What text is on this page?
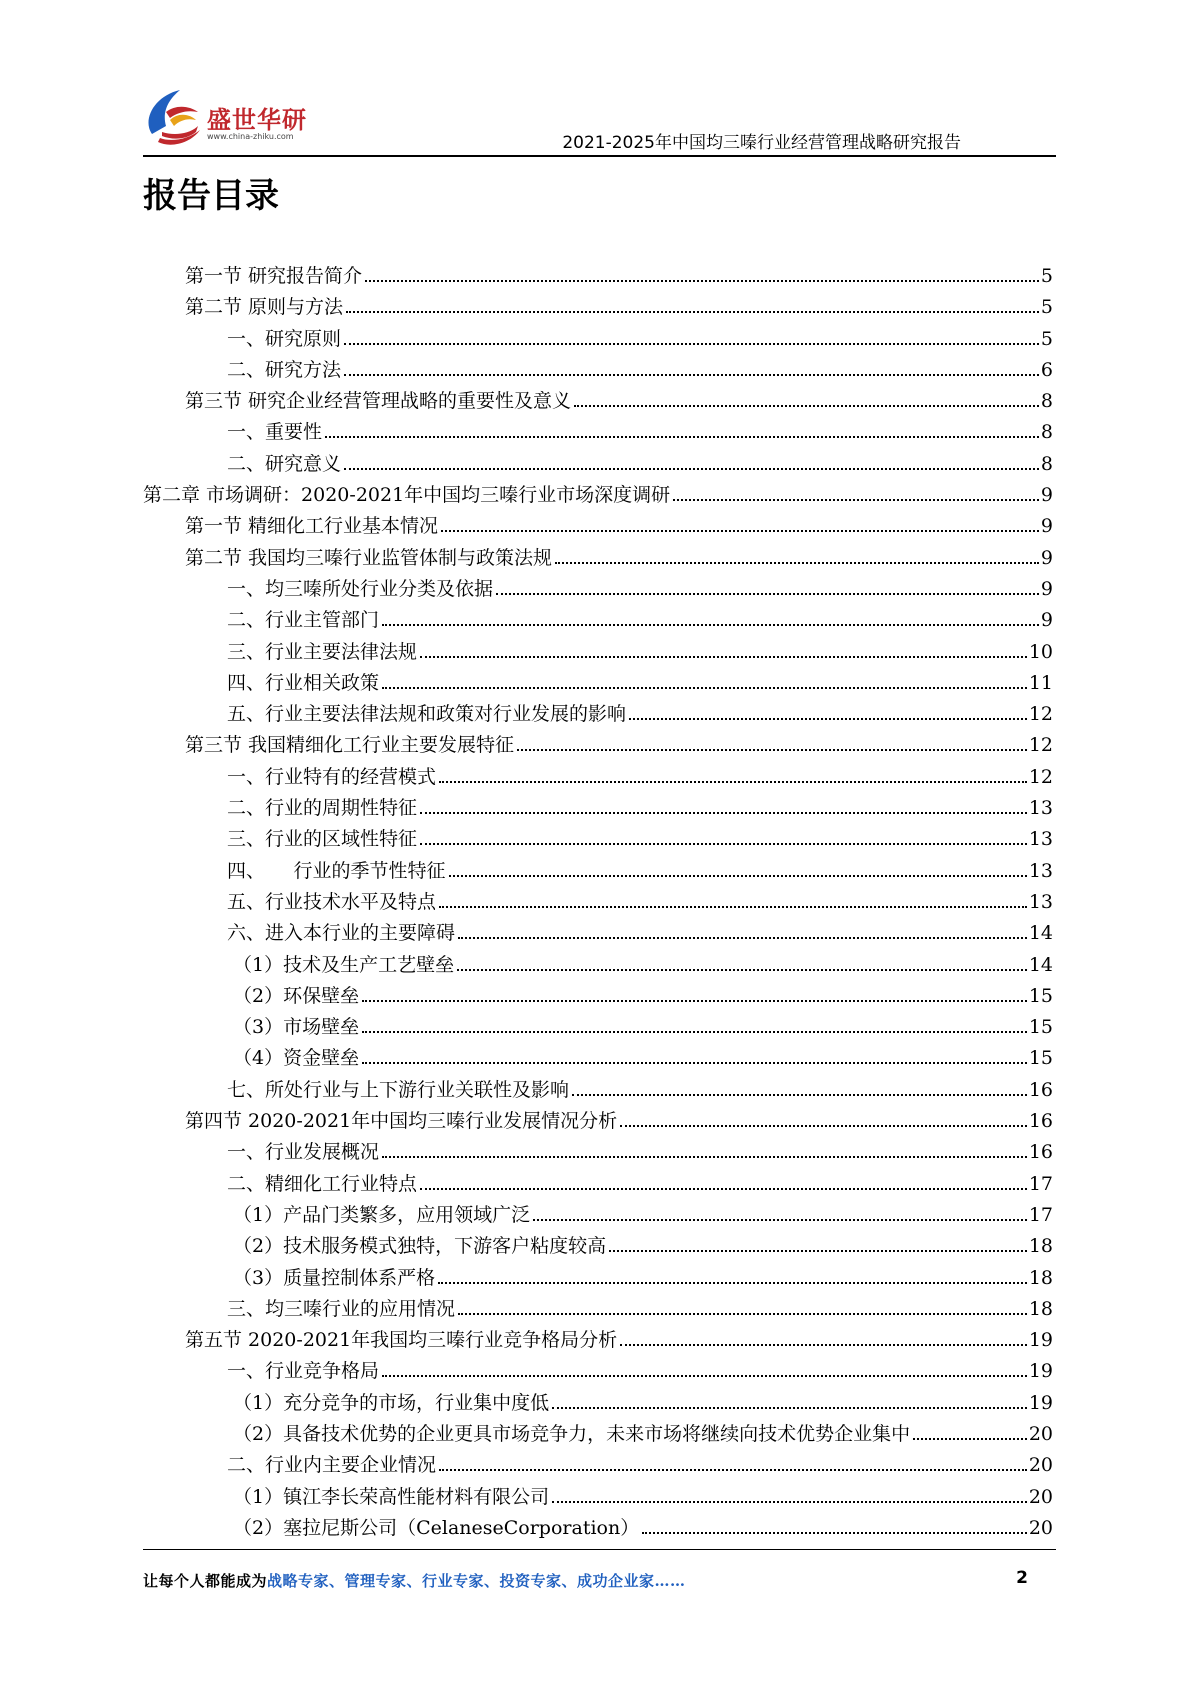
盛世华研
www.china-zhiku.com	2021-2025年中国均三嗪行业经营管理战略研究报告
报告目录
第一节 研究报告简介	5
第二节 原则与方法	5
一、研究原则	5
二、研究方法	6
第三节 研究企业经营管理战略的重要性及意义	8
一、重要性	8
二、研究意义	8
第二章 市场调研：2020-2021年中国均三嗪行业市场深度调研	9
第一节 精细化工行业基本情况	9
第二节 我国均三嗪行业监管体制与政策法规	9
一、均三嗪所处行业分类及依据	9
二、行业主管部门	9
三、行业主要法律法规	10
四、行业相关政策	11
五、行业主要法律法规和政策对行业发展的影响	12
第三节 我国精细化工行业主要发展特征	12
一、行业特有的经营模式	12
二、行业的周期性特征	13
三、行业的区域性特征	13
四、　　行业的季节性特征	13
五、行业技术水平及特点	13
六、进入本行业的主要障碍	14
（1）技术及生产工艺壁垒	14
（2）环保壁垒	15
（3）市场壁垒	15
（4）资金壁垒	15
七、所处行业与上下游行业关联性及影响	16
第四节 2020-2021年中国均三嗪行业发展情况分析	16
一、行业发展概况	16
二、精细化工行业特点	17
（1）产品门类繁多，应用领域广泛	17
（2）技术服务模式独特，下游客户粘度较高	18
（3）质量控制体系严格	18
三、均三嗪行业的应用情况	18
第五节 2020-2021年我国均三嗪行业竞争格局分析	19
一、行业竞争格局	19
（1）充分竞争的市场，行业集中度低	19
（2）具备技术优势的企业更具市场竞争力，未来市场将继续向技术优势企业集中	20
二、行业内主要企业情况	20
（1）镇江李长荣高性能材料有限公司	20
（2）塞拉尼斯公司（CelaneseCorporation）	20
让每个人都能成为战略专家、管理专家、行业专家、投资专家、成功企业家……	2
